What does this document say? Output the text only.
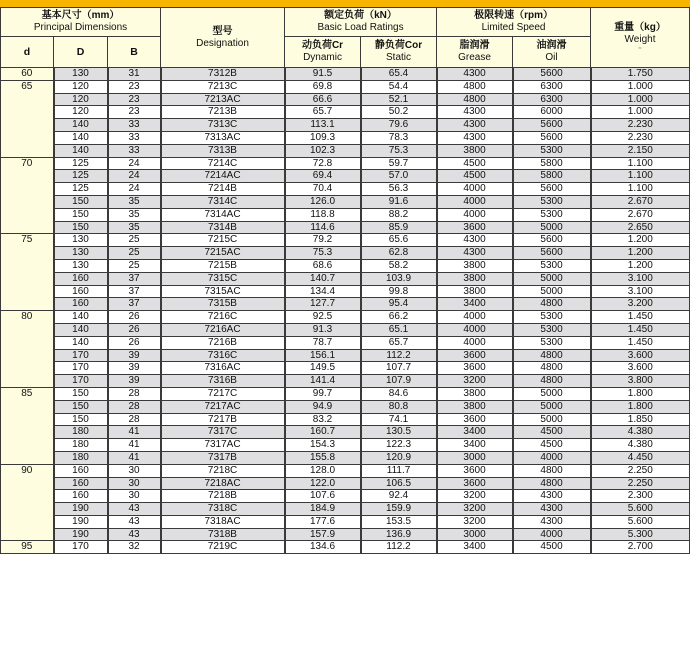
基本尺寸（mm）
Principal Dimensions			型号
Designation	额定负荷（kN）
Basic Load Ratings		极限转速（rpm）
Limited Speed		重量（kg）
Weight
≈

d	D	B		动负荷Cr
Dynamic	静负荷Cor
Static	脂润滑
Grease	油润滑
Oil	
60	130	31	7312B	91.5	65.4	4300	5600	1.750
65	120	23	7213C	69.8	54.4	4800	6300	1.000
	120	23	7213AC	66.6	52.1	4800	6300	1.000
	120	23	7213B	65.7	50.2	4300	6000	1.000
	140	33	7313C	113.1	79.6	4300	5600	2.230
	140	33	7313AC	109.3	78.3	4300	5600	2.230
	140	33	7313B	102.3	75.3	3800	5300	2.150
70	125	24	7214C	72.8	59.7	4500	5800	1.100
	125	24	7214AC	69.4	57.0	4500	5800	1.100
	125	24	7214B	70.4	56.3	4000	5600	1.100
	150	35	7314C	126.0	91.6	4000	5300	2.670
	150	35	7314AC	118.8	88.2	4000	5300	2.670
	150	35	7314B	114.6	85.9	3600	5000	2.650
75	130	25	7215C	79.2	65.6	4300	5600	1.200
	130	25	7215AC	75.3	62.8	4300	5600	1.200
	130	25	7215B	68.6	58.2	3800	5300	1.200
	160	37	7315C	140.7	103.9	3800	5000	3.100
	160	37	7315AC	134.4	99.8	3800	5000	3.100
	160	37	7315B	127.7	95.4	3400	4800	3.200
80	140	26	7216C	92.5	66.2	4000	5300	1.450
	140	26	7216AC	91.3	65.1	4000	5300	1.450
	140	26	7216B	78.7	65.7	4000	5300	1.450
	170	39	7316C	156.1	112.2	3600	4800	3.600
	170	39	7316AC	149.5	107.7	3600	4800	3.600
	170	39	7316B	141.4	107.9	3200	4800	3.800
85	150	28	7217C	99.7	84.6	3800	5000	1.800
	150	28	7217AC	94.9	80.8	3800	5000	1.800
	150	28	7217B	83.2	74.1	3600	5000	1.850
	180	41	7317C	160.7	130.5	3400	4500	4.380
	180	41	7317AC	154.3	122.3	3400	4500	4.380
	180	41	7317B	155.8	120.9	3000	4000	4.450
90	160	30	7218C	128.0	111.7	3600	4800	2.250
	160	30	7218AC	122.0	106.5	3600	4800	2.250
	160	30	7218B	107.6	92.4	3200	4300	2.300
	190	43	7318C	184.9	159.9	3200	4300	5.600
	190	43	7318AC	177.6	153.5	3200	4300	5.600
	190	43	7318B	157.9	136.9	3000	4000	5.300
95	170	32	7219C	134.6	112.2	3400	4500	2.700
